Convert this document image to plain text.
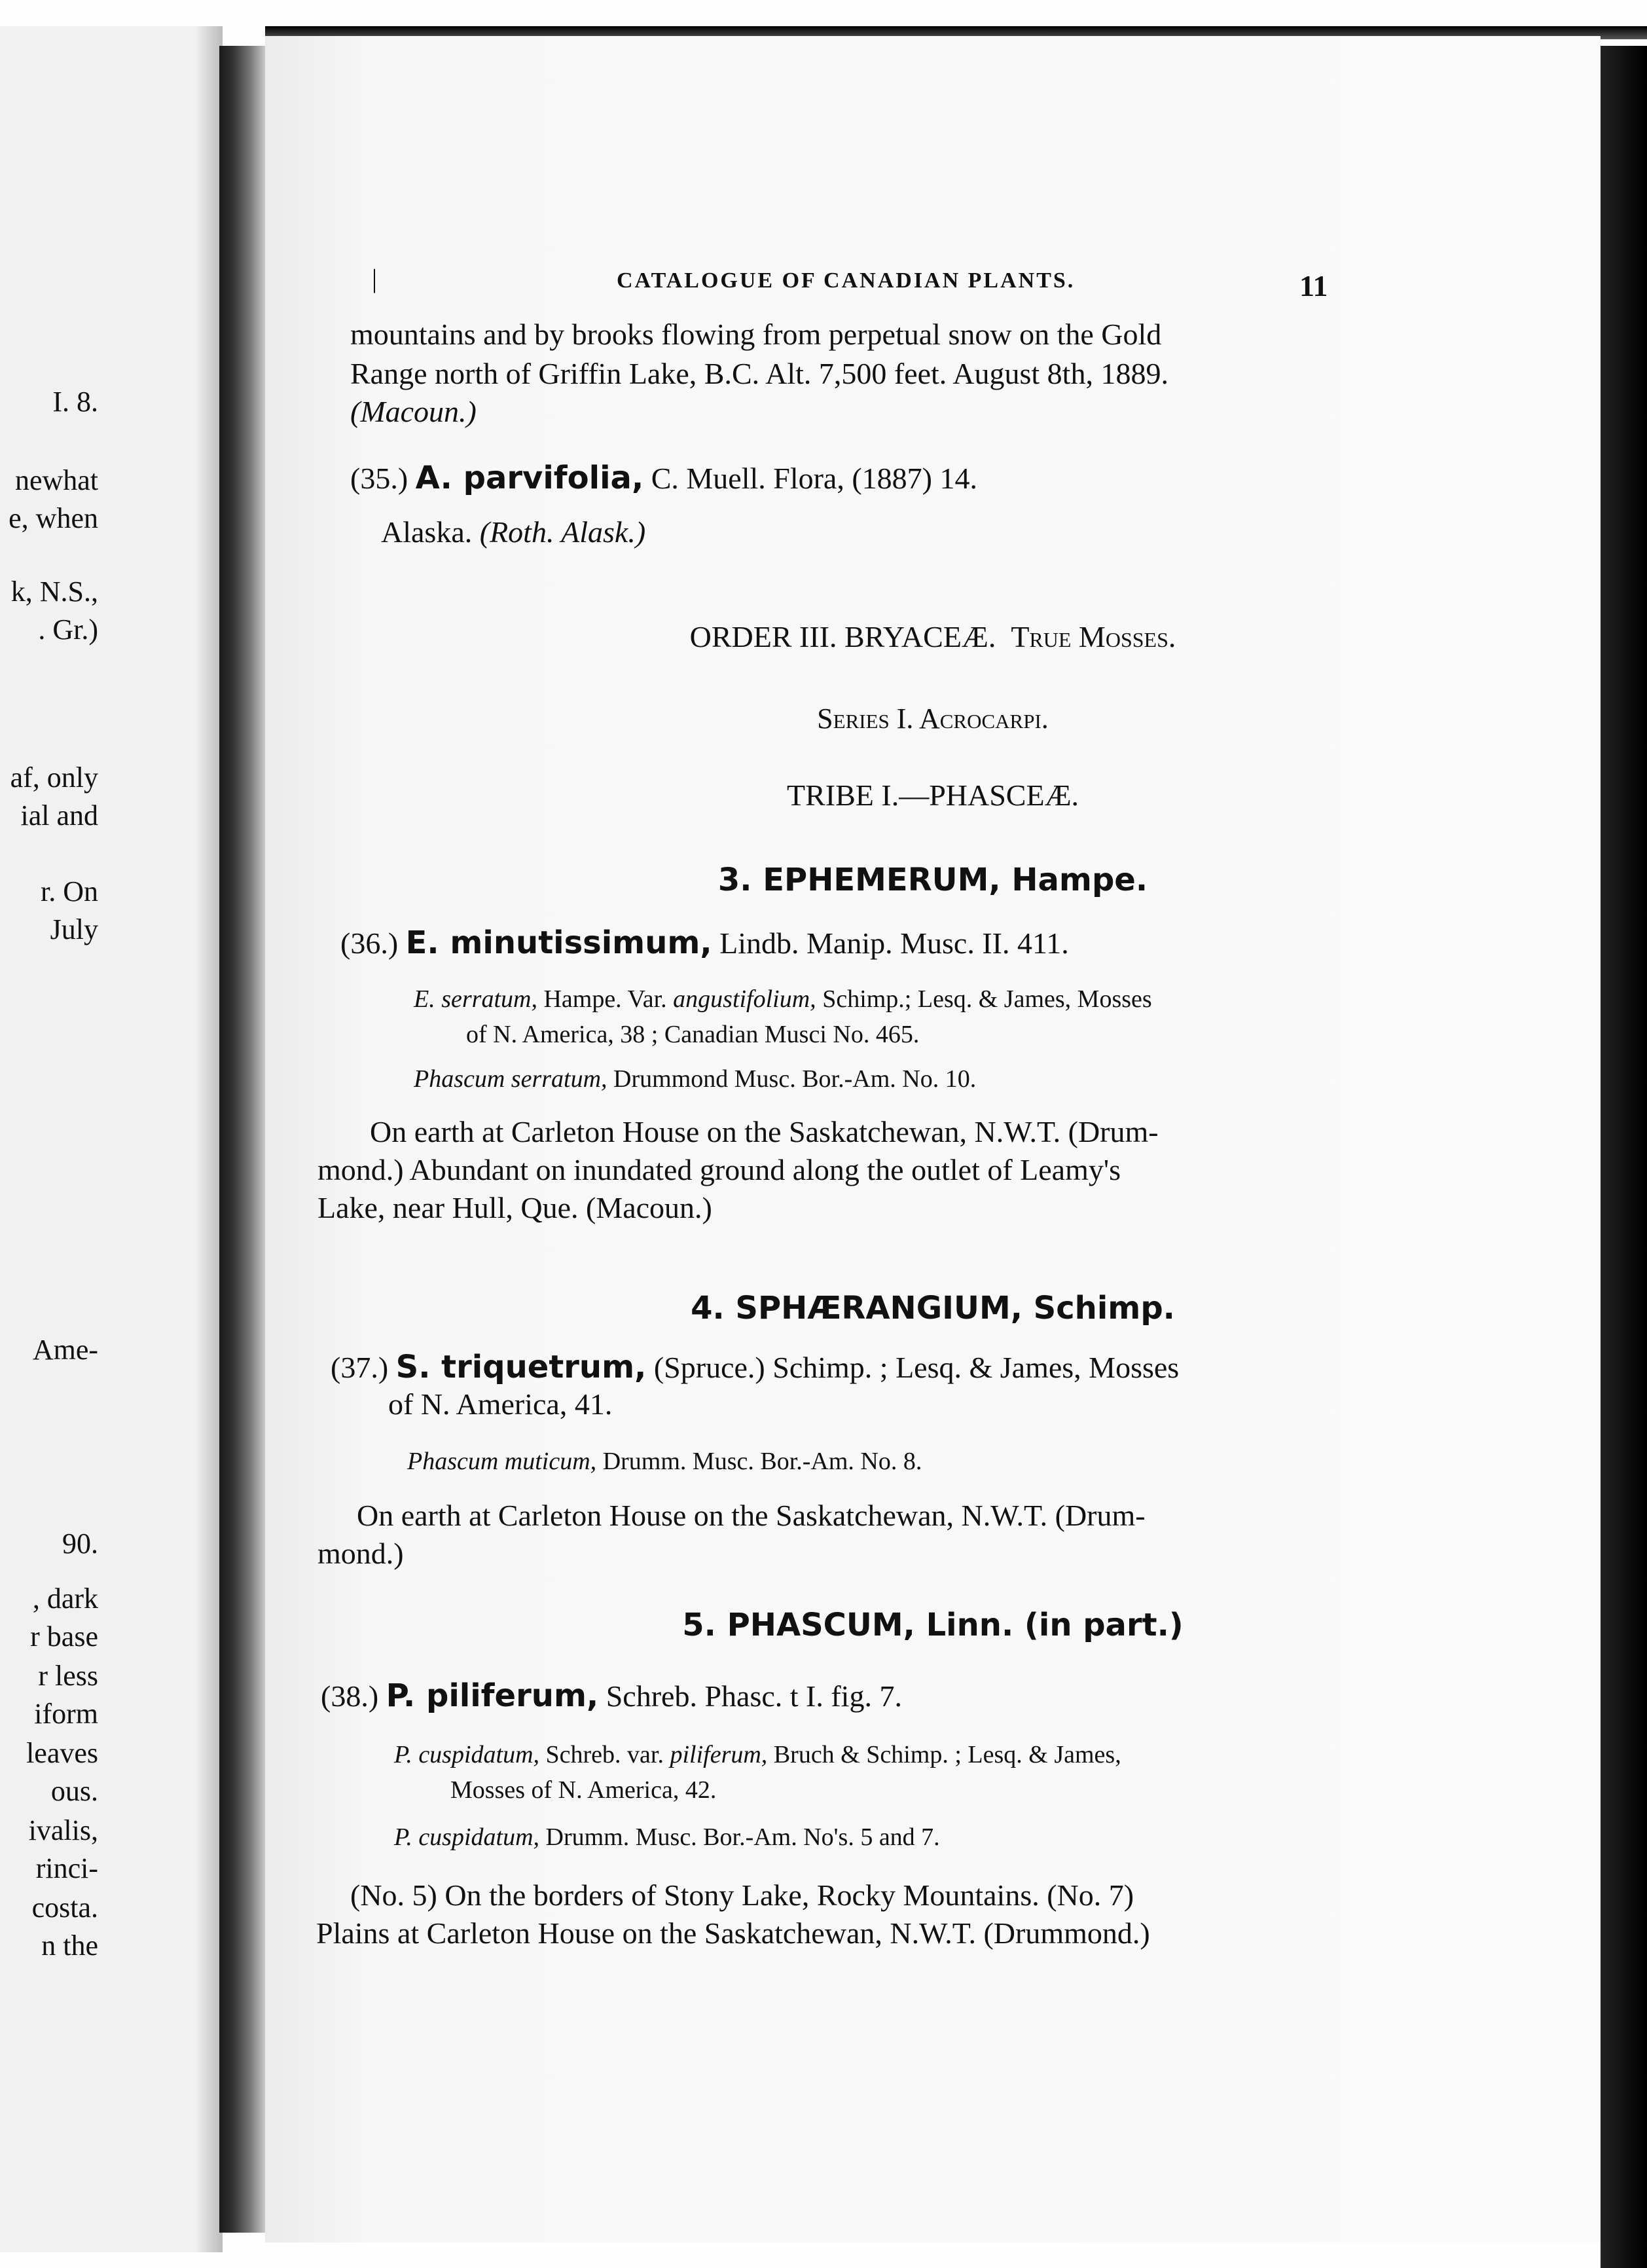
I. 8.
newhat
e, when
k, N.S.,
. Gr.)
af, only
ial and
r. On
July
Ame-
90.
, dark
r base
r less
iform
leaves
ous.
ivalis,
rinci-
costa.
n the
|	CATALOGUE OF CANADIAN PLANTS.	11
mountains and by brooks flowing from perpetual snow on the Gold
Range north of Griffin Lake, B.C. Alt. 7,500 feet. August 8th, 1889.
(Macoun.)
(35.) A. parvifolia, C. Muell. Flora, (1887) 14.
Alaska. (Roth. Alask.)
ORDER III. BRYACEÆ. True Mosses.
Series I. Acrocarpi.
TRIBE I.—PHASCEÆ.
3. EPHEMERUM, Hampe.
(36.) E. minutissimum, Lindb. Manip. Musc. II. 411.
E. serratum, Hampe. Var. angustifolium, Schimp.; Lesq. & James, Mosses
of N. America, 38 ; Canadian Musci No. 465.
Phascum serratum, Drummond Musc. Bor.-Am. No. 10.
On earth at Carleton House on the Saskatchewan, N.W.T. (Drum-
mond.) Abundant on inundated ground along the outlet of Leamy's
Lake, near Hull, Que. (Macoun.)
4. SPHÆRANGIUM, Schimp.
(37.) S. triquetrum, (Spruce.) Schimp. ; Lesq. & James, Mosses
of N. America, 41.
Phascum muticum, Drumm. Musc. Bor.-Am. No. 8.
On earth at Carleton House on the Saskatchewan, N.W.T. (Drum-
mond.)
5. PHASCUM, Linn. (in part.)
(38.) P. piliferum, Schreb. Phasc. t I. fig. 7.
P. cuspidatum, Schreb. var. piliferum, Bruch & Schimp. ; Lesq. & James,
Mosses of N. America, 42.
P. cuspidatum, Drumm. Musc. Bor.-Am. No's. 5 and 7.
(No. 5) On the borders of Stony Lake, Rocky Mountains. (No. 7)
Plains at Carleton House on the Saskatchewan, N.W.T. (Drummond.)
